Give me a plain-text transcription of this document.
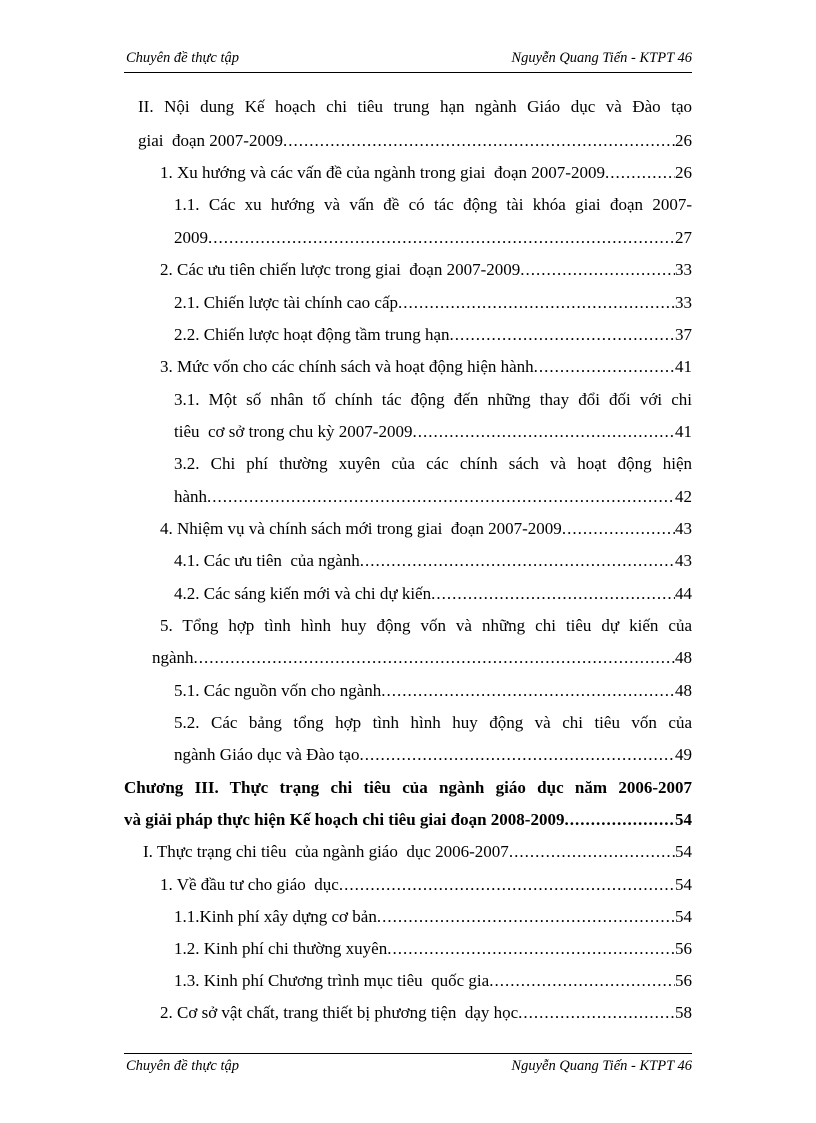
Chuyên đề thực tập	Nguyễn Quang Tiến - KTPT 46
II. Nội dung Kế hoạch chi tiêu trung hạn ngành Giáo dục và Đào tạo
giai  đoạn 2007-2009 .....	26
1. Xu hướng và các vấn đề của ngành trong giai  đoạn 2007-2009 .....	26
1.1. Các xu hướng và vấn đề có tác động tài khóa giai đoạn 2007-
2009 .....	27
2. Các ưu tiên chiến lược trong giai  đoạn 2007-2009 .....	33
2.1. Chiến lược tài chính cao cấp .....	33
2.2. Chiến lược hoạt động tầm trung hạn .....	37
3. Mức vốn cho các chính sách và hoạt động hiện hành .....	41
3.1. Một số nhân tố chính tác động đến những thay đổi đối với chi
tiêu  cơ sở trong chu kỳ 2007-2009 .....	41
3.2. Chi phí thường xuyên của các chính sách và hoạt động hiện
hành .....	42
4. Nhiệm vụ và chính sách mới trong giai  đoạn 2007-2009 .....	43
4.1. Các ưu tiên  của ngành .....	43
4.2. Các sáng kiến mới và chi dự kiến .....	44
5. Tổng hợp tình hình huy động vốn và những chi tiêu dự kiến của
ngành .....	48
5.1. Các nguồn vốn cho ngành .....	48
5.2. Các bảng tổng hợp tình hình huy động và chi tiêu vốn của
ngành Giáo dục và Đào tạo .....	49
Chương III. Thực trạng chi tiêu của ngành giáo dục năm 2006-2007
và giải pháp thực hiện Kế hoạch chi tiêu giai đoạn 2008-2009 .....	54
I. Thực trạng chi tiêu  của ngành giáo  dục 2006-2007 .....	54
1. Về đầu tư cho giáo  dục .....	54
1.1.Kinh phí xây dựng cơ bản .....	54
1.2. Kinh phí chi thường xuyên .....	56
1.3. Kinh phí Chương trình mục tiêu  quốc gia .....	56
2. Cơ sở vật chất, trang thiết bị phương tiện  dạy học .....	58
Chuyên đề thực tập	Nguyễn Quang Tiến - KTPT 46
